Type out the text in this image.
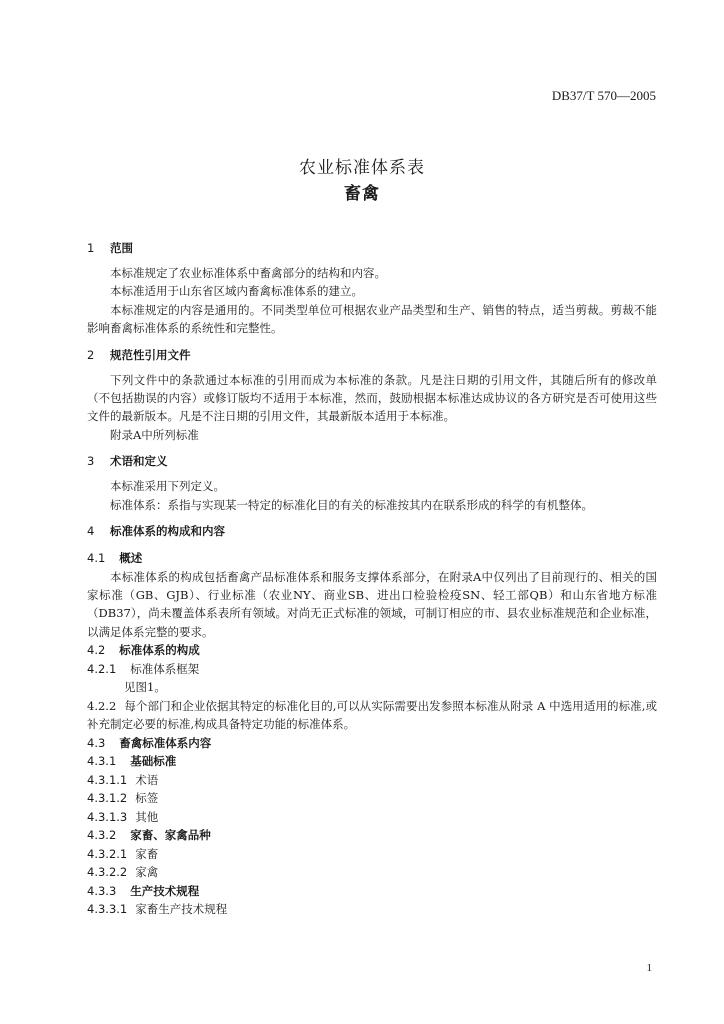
DB37/T 570—2005
农业标准体系表
畜禽
1 范围
本标准规定了农业标准体系中畜禽部分的结构和内容。
本标准适用于山东省区域内畜禽标准体系的建立。
本标准规定的内容是通用的。不同类型单位可根据农业产品类型和生产、销售的特点，适当剪裁。剪裁不能影响畜禽标准体系的系统性和完整性。
2 规范性引用文件
下列文件中的条款通过本标准的引用而成为本标准的条款。凡是注日期的引用文件，其随后所有的修改单（不包括勘误的内容）或修订版均不适用于本标准，然而，鼓励根据本标准达成协议的各方研究是否可使用这些文件的最新版本。凡是不注日期的引用文件，其最新版本适用于本标准。
附录A中所列标准
3 术语和定义
本标准采用下列定义。
标准体系：系指与实现某一特定的标准化目的有关的标准按其内在联系形成的科学的有机整体。
4 标准体系的构成和内容
4.1 概述
本标准体系的构成包括畜禽产品标准体系和服务支撑体系部分，在附录A中仅列出了目前现行的、相关的国家标准（GB、GJB）、行业标准（农业NY、商业SB、进出口检验检疫SN、轻工部QB）和山东省地方标准（DB37），尚未覆盖体系表所有领域。对尚无正式标准的领域，可制订相应的市、县农业标准规范和企业标准，以满足体系完整的要求。
4.2 标准体系的构成
4.2.1 标准体系框架
见图1。
4.2.2 每个部门和企业依据其特定的标准化目的,可以从实际需要出发参照本标准从附录 A 中选用适用的标准,或补充制定必要的标准,构成具备特定功能的标准体系。
4.3 畜禽标准体系内容
4.3.1 基础标准
4.3.1.1 术语
4.3.1.2 标签
4.3.1.3 其他
4.3.2 家畜、家禽品种
4.3.2.1 家畜
4.3.2.2 家禽
4.3.3 生产技术规程
4.3.3.1 家畜生产技术规程
1
